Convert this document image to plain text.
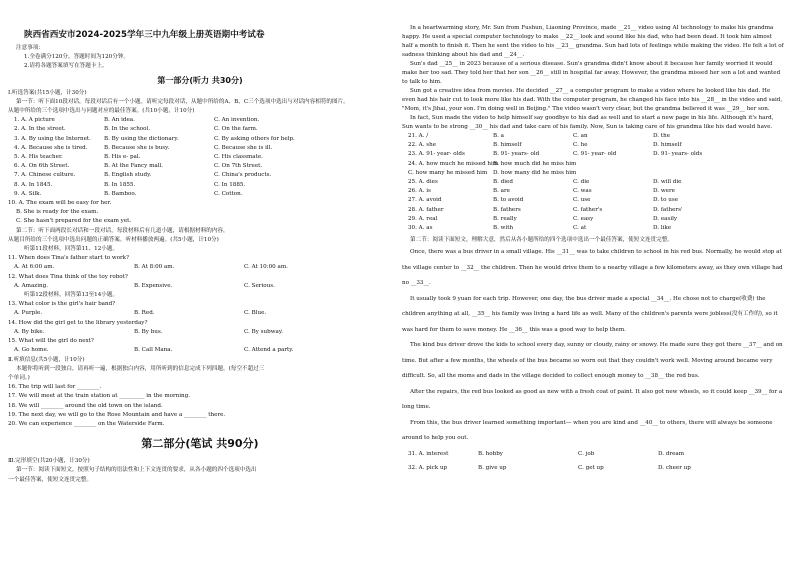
陕西省西安市2024-2025学年三中九年级上册英语期中考试卷
注意事项：
1.全卷满分120分，答题时间为120分钟。
2.请将各题答案填写在答题卡上。
第一部分(听力 共30分)
Ⅰ.听选答案(共15小题，计30分)
第一节：听下面10段对话，每段对话后有一个小题。请听完每段对话，从题中所给的A、B、C三个选项中选出与对话内容相符的图片。
从题中所给的三个选项中选出与问题对应的最佳答案。(共10小题，计10分)
1. A. A picture	B. An idea.	C. An invention.
2. A. In the street.	B. In the school.	C. On the farm.
3. A. By using the Internet.	B. By using the dictionary.	C. By asking others for help.
4. A. Because she is tired.	B. Because she is busy.	C. Because she is ill.
5. A. His teacher.	B. His e- pal.	C. His classmate.
6. A. On 6th Street.	B. At the Fancy mall.	C. On 7th Street.
7. A. Chinese culture.	B. English study.	C. China's products.
8. A. In 1845.	B. In 1855.	C. In 1885.
9. A. Silk.	B. Bamboo.	C. Cotton.
10. A. The exam will be easy for her.
B. She is ready for the exam.
C. She hasn't prepared for the exam yet.
第二节：听下面两段长对话和一段对话，每段材料后有几道小题，请根据材料的内容，
从题目所给的三个选项中选出问题的正确答案。听材料播放两遍。(共5小题，计10分)
听第11段材料，回答第11、12小题。
11. When does Tina's father start to work?
A. At 6:00 am.	B. At 8:00 am.	C. At 10:00 am.
12. What does Tina think of the toy robot?
A. Amazing.	B. Expensive.	C. Serious.
听第12段材料，回答第13至14小题。
13. What color is the girl's hair band?
A. Purple.	B. Red.	C. Blue.
14. How did the girl get to the library yesterday?
A. By bike.	B. By bus.	C. By subway.
15. What will the girl do next?
A. Go home.	B. Call Mana.	C. Attend a party.
Ⅱ.听填信息(共5小题，计10分)
本题你将听到一段独白，请再听一遍，根据独白内容，用所听到的信息完成下列四题。(每空不超过三
个单词。)
16. The trip will last for ________.
17. We will meet at the train station at _________ in the morning.
18. We will ________ around the old town on the island.
19. The next day, we will go to the Rose Mountain and have a ________ there.
20. We can experience ________ on the Waterside Farm.
第二部分(笔试 共90分)
Ⅲ.完形填空(共20小题，计30分)
第一节：阅读下面短文，按照句子结构的语法性和上下文连贯的要求，从各小题的四个选项中选出
一个最佳答案，使短文连贯完整。
In a heartwarming story, Mr. Sun from Fushun, Liaoning Province, made __21__ video using AI technology to make his grandma happy. He used a special computer technology to make __22__ look and sound like his dad, who had been dead. It took him almost half a month to finish it. Then he sent the video to his __23__ grandma. Sun had lots of feelings while making the video. He felt a lot of sadness thinking about his dad and __24__.
Sun's dad __25__ in 2023 because of a serious disease. Sun's grandma didn't know about it because her family worried it would make her too sad. They told her that her son __26__ still in hospital far away. However, the grandma missed her son a lot and wanted to talk to him.
Sun got a creative idea from movies. He decided __27__ a computer program to make a video where he looked like his dad. He even had his hair cut to look more like his dad. With the computer program, he changed his face into his __28__ in the video and said, "Mom, it's Jihai, your son. I'm doing well in Beijing." The video wasn't very clear, but the grandma believed it was __29__ her son.
In fact, Sun made the video to help himself say goodbye to his dad as well and to start a new page in his life. Although it's hard, Sun wants to be strong __30__ his dad and take care of his family. Now, Sun is taking care of his grandma like his dad would have.
21. A. /	B. a	C. an	D. the
22. A. she	B. himself	C. he	D. himself
23. A. 91- year- olds	B. 91- years- old	C. 91- year- old	D. 91- years- olds
24. A. how much he missed him
B. how much did he miss him
C. how many he missed him	D. how many did he miss him
25. A. dies	B. died	C. die	D. will die
26. A. is	B. are	C. was	D. were
27. A. avoid	B. to avoid	C. use	D. to use
28. A. father	B. fathers	C. father's	D. fathers'
29. A. real	B. really	C. easy	D. easily
30. A. as	B. with	C. at	D. like
第二节：阅读下面短文，理解大意，然后从各小题所给的四个选项中选出一个最佳答案，使短文连贯完整。
Once, there was a bus driver in a small village. His __31__ was to take children to school in his red bus. Normally, he would stop at the village center to __32__ the children. Then he would drive them to a nearby village a few kilometers away, as they own village had no __33__.
It usually took 9 yuan for each trip. However, one day, the bus driver made a special __34__. He chose not to charge(收费) the children anything at all, __35__ his family was living a hard life as well. Many of the children's parents were jobless(没有工作的), so it was hard for them to save money. He __36__ this was a good way to help them.
The kind bus driver drove the kids to school every day, sunny or cloudy, rainy or snowy. He made sure they got there __37__ and on time. But after a few months, the wheels of the bus became so worn out that they couldn't work well. Moving around became very difficult. So, all the moms and dads in the village decided to collect enough money to __38__ the red bus.
After the repairs, the red bus looked as good as new with a fresh coat of paint. It also got new wheels, so it could keep __39__ for a long time.
From this, the bus driver learned something important— when you are kind and __40__ to others, there will always be someone around to help you out.
31. A. interest	B. hobby	C. job	D. dream
32. A. pick up	B. give up	C. get up	D. cheer up
